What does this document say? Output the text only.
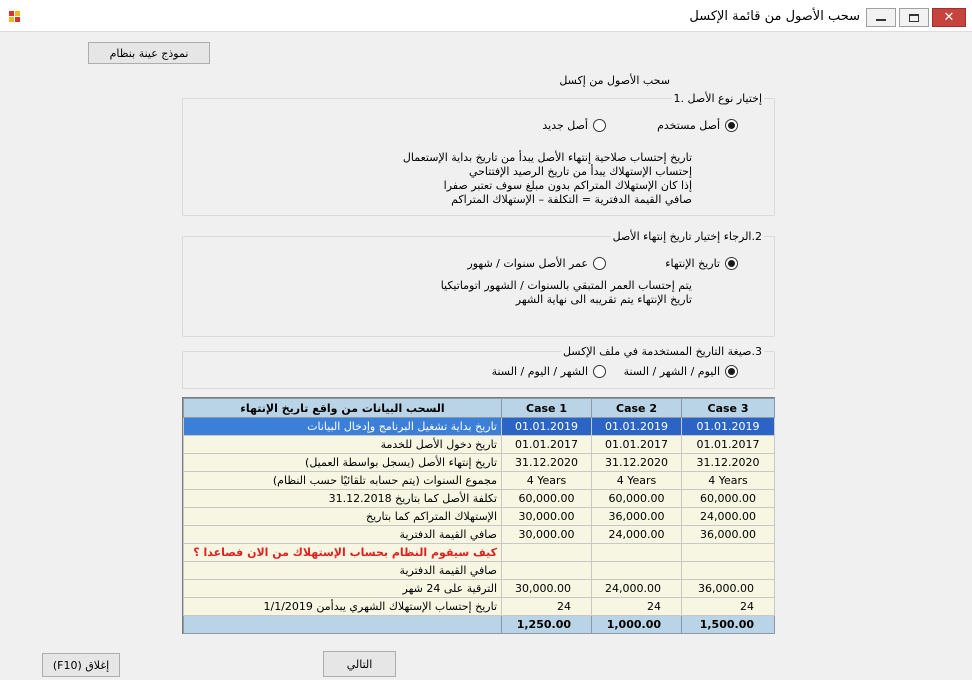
سحب الأصول من قائمة الإكسل	✕
نموذج عينة بنظام
سحب الأصول من إكسل
إختيار نوع الأصل .1
أصل مستخدم
أصل جديد
تاريخ إحتساب صلاحية إنتهاء الأصل يبدأ من تاريخ بداية الإستعمال
إحتساب الإستهلاك يبدأ من تاريخ الرصيد الإفتتاحي
إذا كان الإستهلاك المتراكم بدون مبلغ سوف تعتبر صفرا
صافي القيمة الدفترية = التكلفة – الإستهلاك المتراكم
2.الرجاء إختيار تاريخ إنتهاء الأصل
تاريخ الإنتهاء
عمر الأصل سنوات / شهور
يتم إحتساب العمر المتبقي بالسنوات / الشهور اتوماتيكيا
تاريخ الإنتهاء يتم تقريبه الى نهاية الشهر
3.صيغة التاريخ المستخدمة في ملف الإكسل
اليوم / الشهر / السنة
الشهر / اليوم / السنة
السحب البيانات من واقع تاريخ الإنتهاء	Case 1	Case 2	Case 3
تاريخ بداية تشغيل البرنامج وإدخال البيانات	01.01.2019	01.01.2019	01.01.2019
تاريخ دخول الأصل للخدمة	01.01.2017	01.01.2017	01.01.2017
تاريخ إنتهاء الأصل (يسجل بواسطة العميل)	31.12.2020	31.12.2020	31.12.2020
مجموع السنوات (يتم حسابه تلقائيًا حسب النظام)	4 Years	4 Years	4 Years
تكلفة الأصل كما بتاريخ 31.12.2018	60,000.00	60,000.00	60,000.00
الإستهلاك المتراكم كما بتاريخ	30,000.00	36,000.00	24,000.00
صافي القيمة الدفترية	30,000.00	24,000.00	36,000.00
كيف سيقوم النظام بحساب الإستهلاك من الان فصاعدا ؟			
صافي القيمة الدفترية			
الترقية على 24 شهر	30,000.00	24,000.00	36,000.00
تاريخ إحتساب الإستهلاك الشهري يبدأمن 1/1/2019	24	24	24
	1,250.00	1,000.00	1,500.00
التالي
إغلاق (F10)
